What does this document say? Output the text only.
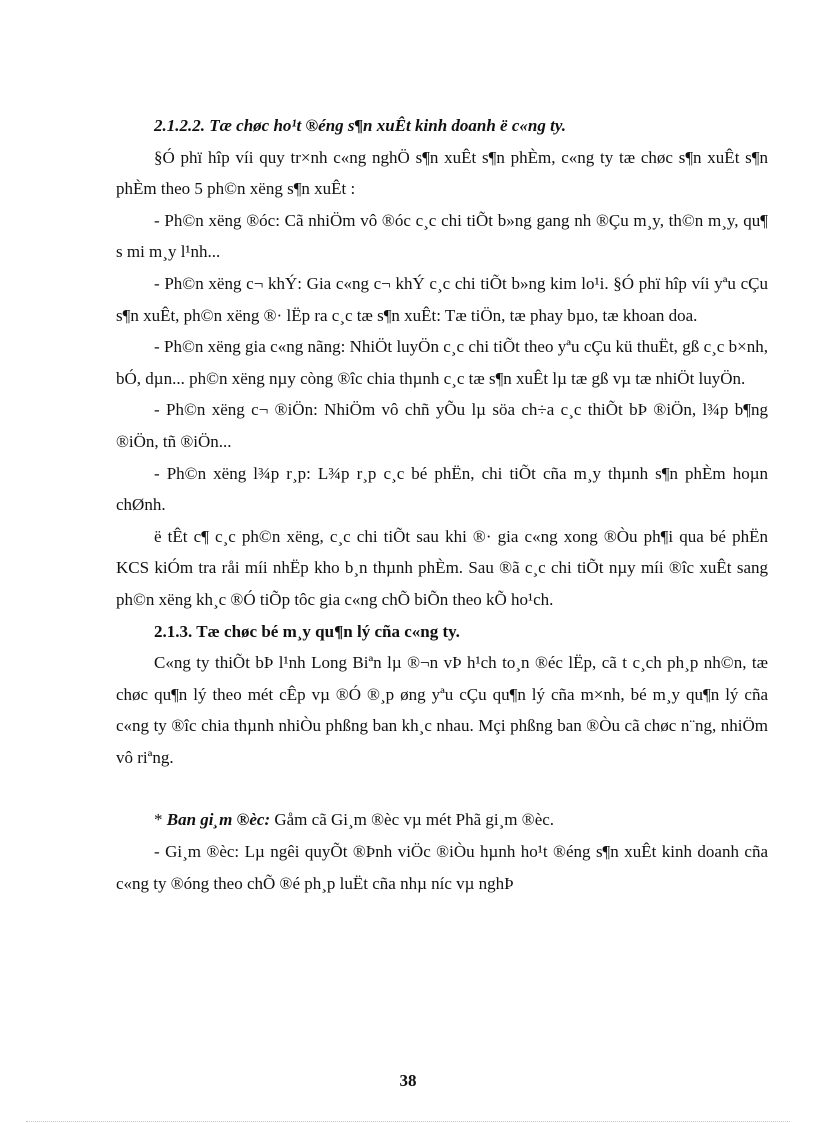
2.1.2.2. Tæ chøc ho¹t ®éng s¶n xuÊt kinh doanh ë c«ng ty.

§Ó phï hîp víi quy tr×nh c«ng nghÖ s¶n xuÊt s¶n phÈm, c«ng ty tæ chøc s¶n xuÊt s¶n phÈm theo 5 ph©n xëng s¶n xuÊt :

- Ph©n xëng ®óc: Cã nhiÖm vô ®óc c¸c chi tiÕt b»ng gang nh ®Çu m¸y, th©n m¸y, qu¶ s mi m¸y l¹nh...

- Ph©n xëng c¬ khÝ: Gia c«ng c¬ khÝ c¸c chi tiÕt b»ng kim lo¹i. §Ó phï hîp víi yªu cÇu s¶n xuÊt, ph©n xëng ®· lËp ra c¸c tæ s¶n xuÊt: Tæ tiÖn, tæ phay bµo, tæ khoan doa.

- Ph©n xëng gia c«ng nãng: NhiÖt luyÖn c¸c chi tiÕt theo yªu cÇu kü thuËt, gß c¸c b×nh, bÓ, dµn... ph©n xëng nµy còng ®îc chia thµnh c¸c tæ s¶n xuÊt lµ tæ gß vµ tæ nhiÖt luyÖn.

- Ph©n xëng c¬ ®iÖn: NhiÖm vô chñ yÕu lµ söa ch÷a c¸c thiÕt bÞ ®iÖn, l¾p b¶ng ®iÖn, tñ ®iÖn...

- Ph©n xëng l¾p r¸p: L¾p r¸p c¸c bé phËn, chi tiÕt cña m¸y thµnh s¶n phÈm hoµn chØnh.

ë tÊt c¶ c¸c ph©n xëng, c¸c chi tiÕt sau khi ®· gia c«ng xong ®Òu ph¶i qua bé phËn KCS kiÓm tra råi míi nhËp kho b¸n thµnh phÈm. Sau ®ã c¸c chi tiÕt nµy míi ®îc xuÊt sang ph©n xëng kh¸c ®Ó tiÕp tôc gia c«ng chÕ biÕn theo kÕ ho¹ch.

2.1.3. Tæ chøc bé m¸y qu¶n lý cña c«ng ty.

C«ng ty thiÕt bÞ l¹nh Long Biªn lµ ®¬n vÞ h¹ch to¸n ®éc lËp, cã t c¸ch ph¸p nh©n, tæ chøc qu¶n lý theo mét cÊp vµ ®Ó ®¸p øng yªu cÇu qu¶n lý cña m×nh, bé m¸y qu¶n lý cña c«ng ty ®îc chia thµnh nhiÒu phßng ban kh¸c nhau. Mçi phßng ban ®Òu cã chøc n¨ng, nhiÖm vô riªng.

* Ban gi¸m ®èc: Gåm cã Gi¸m ®èc vµ mét Phã gi¸m ®èc.

- Gi¸m ®èc: Lµ ngêi quyÕt ®Þnh viÖc ®iÒu hµnh ho¹t ®éng s¶n xuÊt kinh doanh cña c«ng ty ®óng theo chÕ ®é ph¸p luËt cña nhµ níc vµ nghÞ

38
